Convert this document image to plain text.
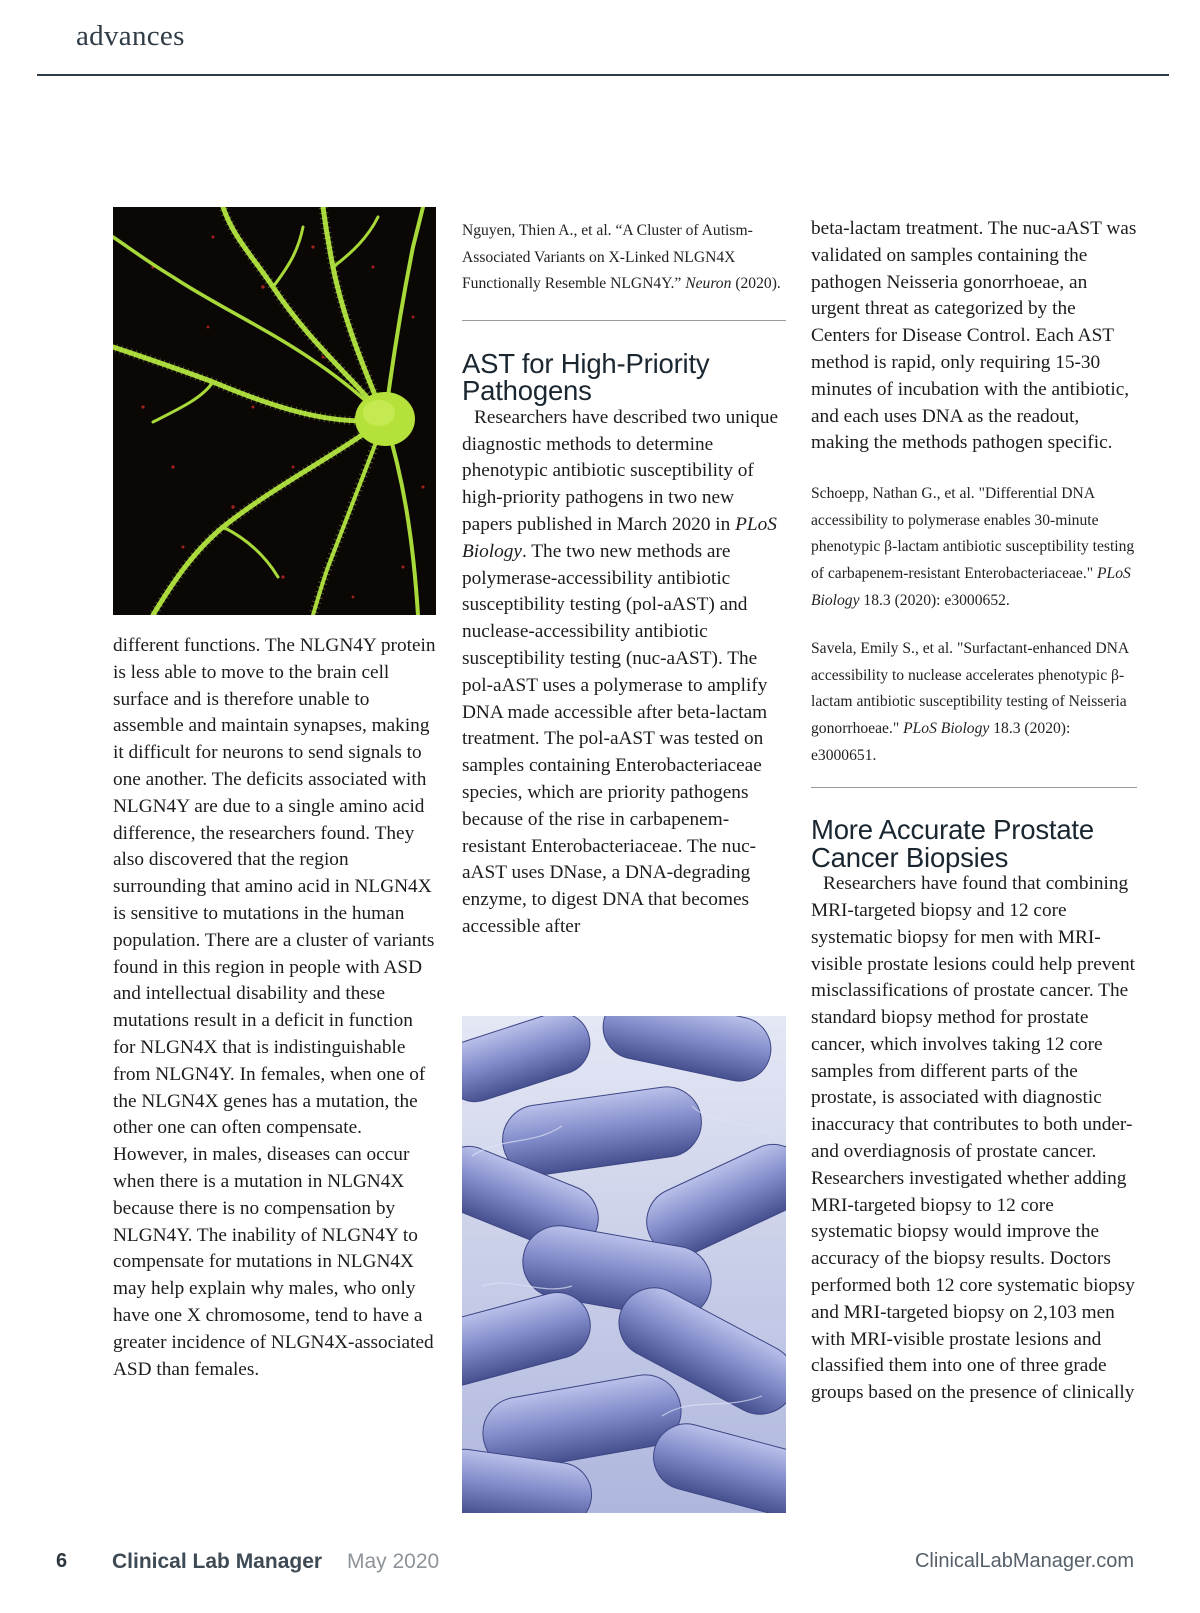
advances

different functions. The NLGN4Y protein is less able to move to the brain cell surface and is therefore unable to assemble and maintain synapses, making it difficult for neurons to send signals to one another. The deficits associated with NLGN4Y are due to a single amino acid difference, the researchers found. They also discovered that the region surrounding that amino acid in NLGN4X is sensitive to mutations in the human population. There are a cluster of variants found in this region in people with ASD and intellectual disability and these mutations result in a deficit in function for NLGN4X that is indistinguishable from NLGN4Y. In females, when one of the NLGN4X genes has a mutation, the other one can often compensate. However, in males, diseases can occur when there is a mutation in NLGN4X because there is no compensation by NLGN4Y. The inability of NLGN4Y to compensate for mutations in NLGN4X may help explain why males, who only have one X chromosome, tend to have a greater incidence of NLGN4X-associated ASD than females.

Nguyen, Thien A., et al. “A Cluster of Autism-Associated Variants on X-Linked NLGN4X Functionally Resemble NLGN4Y.” Neuron (2020).

AST for High-Priority Pathogens

Researchers have described two unique diagnostic methods to determine phenotypic antibiotic susceptibility of high-priority pathogens in two new papers published in March 2020 in PLoS Biology. The two new methods are polymerase-accessibility antibiotic susceptibility testing (pol-aAST) and nuclease-accessibility antibiotic susceptibility testing (nuc-aAST). The pol-aAST uses a polymerase to amplify DNA made accessible after beta-lactam treatment. The pol-aAST was tested on samples containing Enterobacteriaceae species, which are priority pathogens because of the rise in carbapenem-resistant Enterobacteriaceae. The nuc-aAST uses DNase, a DNA-degrading enzyme, to digest DNA that becomes accessible after

beta-lactam treatment. The nuc-aAST was validated on samples containing the pathogen Neisseria gonorrhoeae, an urgent threat as categorized by the Centers for Disease Control. Each AST method is rapid, only requiring 15-30 minutes of incubation with the antibiotic, and each uses DNA as the readout, making the methods pathogen specific.

Schoepp, Nathan G., et al. "Differential DNA accessibility to polymerase enables 30-minute phenotypic β-lactam antibiotic susceptibility testing of carbapenem-resistant Enterobacteriaceae." PLoS Biology 18.3 (2020): e3000652.

Savela, Emily S., et al. "Surfactant-enhanced DNA accessibility to nuclease accelerates phenotypic β-lactam antibiotic susceptibility testing of Neisseria gonorrhoeae." PLoS Biology 18.3 (2020): e3000651.

More Accurate Prostate Cancer Biopsies

Researchers have found that combining MRI-targeted biopsy and 12 core systematic biopsy for men with MRI-visible prostate lesions could help prevent misclassifications of prostate cancer. The standard biopsy method for prostate cancer, which involves taking 12 core samples from different parts of the prostate, is associated with diagnostic inaccuracy that contributes to both under- and overdiagnosis of prostate cancer. Researchers investigated whether adding MRI-targeted biopsy to 12 core systematic biopsy would improve the accuracy of the biopsy results. Doctors performed both 12 core systematic biopsy and MRI-targeted biopsy on 2,103 men with MRI-visible prostate lesions and classified them into one of three grade groups based on the presence of clinically

6 Clinical Lab Manager May 2020	ClinicalLabManager.com
